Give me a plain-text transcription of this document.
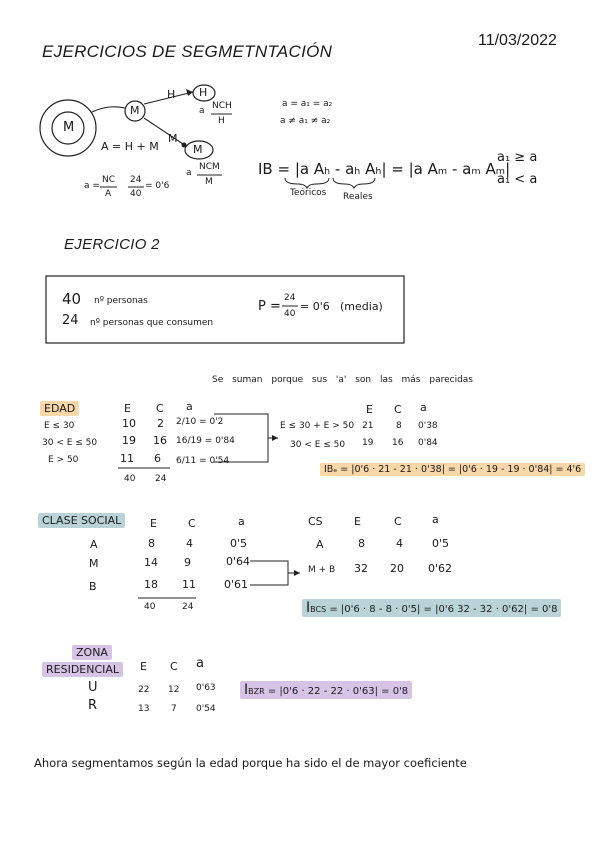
EJERCICIOS DE SEGMETNTACIÓN
11/03/2022
M
M
H
M
H
M
a NCH
H
A = H + M
a
NCM
M
a =
NC
A
24
40
= 0'6
a = a₁ = a₂
a ≠ a₁ ≠ a₂
IB = |a Aₕ - aₕ Aₕ| = |a Aₘ - aₘ Aₘ|
Teóricos Reales
a₁ ≥ a
a₁ < a
EJERCICIO 2
40 nº personas
24 nº personas que consumen
P =
24
40
= 0'6 (media)
Se suman porque sus 'a' son las más parecidas
EDAD	E C a
E ≤ 30	10 2 2/10 = 0'2
30 < E ≤ 50 19 16 16/19 = 0'84
E > 50	11 6 6/11 = 0'54
40 24
E C a
E ≤ 30 + E > 50 21	8 0'38
30 < E ≤ 50 19 16 0'84
IBₑ = |0'6 · 21 - 21 · 0'38| = |0'6 · 19 - 19 · 0'84| = 4'6
CLASE SOCIAL	E	C	a
A	8	4	0'5
M	14 9	0'64
B	18 11	0'61
40	24
CS	E	C	a
A	8	4	0'5
M + B 32 20 0'62
IBCS = |0'6 · 8 - 8 · 0'5| = |0'6 32 - 32 · 0'62| = 0'8
ZONA
RESIDENCIAL	E C a
U	22 12 0'63
R	13 7 0'54
IBZR = |0'6 · 22 - 22 · 0'63| = 0'8
Ahora segmentamos según la edad porque ha sido el de mayor coeficiente
